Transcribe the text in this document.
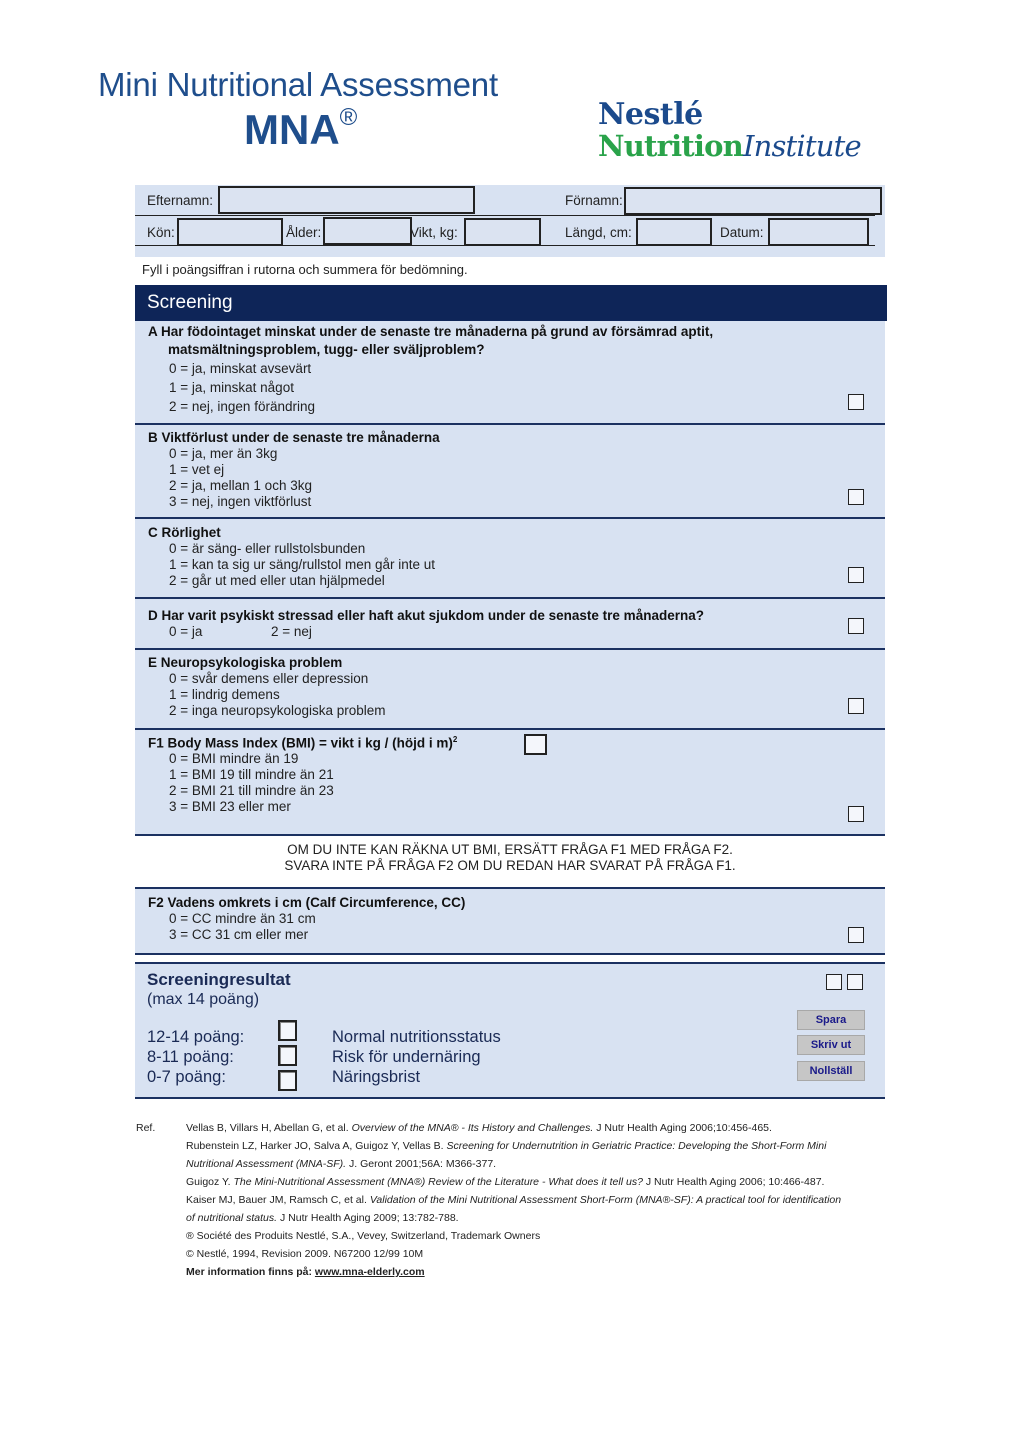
Mini Nutritional Assessment
MNA®	Nestlé
NutritionInstitute
Efternamn:	Förnamn:
Kön:	Ålder:	Vikt, kg:	Längd, cm:	Datum:
Fyll i poängsiffran i rutorna och summera för bedömning.
Screening
A Har födointaget minskat under de senaste tre månaderna på grund av försämrad aptit,
matsmältningsproblem, tugg- eller sväljproblem?
0 = ja, minskat avsevärt
1 = ja, minskat något
2 = nej, ingen förändring
B Viktförlust under de senaste tre månaderna
0 = ja, mer än 3kg
1 = vet ej
2 = ja, mellan 1 och 3kg
3 = nej, ingen viktförlust
C Rörlighet
0 = är säng- eller rullstolsbunden
1 = kan ta sig ur säng/rullstol men går inte ut
2 = går ut med eller utan hjälpmedel
D Har varit psykiskt stressad eller haft akut sjukdom under de senaste tre månaderna?
0 = ja	2 = nej
E Neuropsykologiska problem
0 = svår demens eller depression
1 = lindrig demens
2 = inga neuropsykologiska problem
F1 Body Mass Index (BMI) = vikt i kg / (höjd i m)$^2$
0 = BMI mindre än 19
1 = BMI 19 till mindre än 21
2 = BMI 21 till mindre än 23
3 = BMI 23 eller mer
OM DU INTE KAN RÄKNA UT BMI, ERSÄTT FRÅGA F1 MED FRÅGA F2.
SVARA INTE PÅ FRÅGA F2 OM DU REDAN HAR SVARAT PÅ FRÅGA F1.
F2 Vadens omkrets i cm (Calf Circumference, CC)
0 = CC mindre än 31 cm
3 = CC 31 cm eller mer
Screeningresultat
(max 14 poäng)
12-14 poäng:	Normal nutritionsstatus
8-11 poäng:	Risk för undernäring
0-7 poäng:	Näringsbrist
Spara
Skriv ut
Nollställ
Ref.	Vellas B, Villars H, Abellan G, et al. Overview of the MNA® - Its History and Challenges. J Nutr Health Aging 2006;10:456-465.
Rubenstein LZ, Harker JO, Salva A, Guigoz Y, Vellas B. Screening for Undernutrition in Geriatric Practice: Developing the Short-Form Mini
Nutritional Assessment (MNA-SF). J. Geront 2001;56A: M366-377.
Guigoz Y. The Mini-Nutritional Assessment (MNA®) Review of the Literature - What does it tell us? J Nutr Health Aging 2006; 10:466-487.
Kaiser MJ, Bauer JM, Ramsch C, et al. Validation of the Mini Nutritional Assessment Short-Form (MNA®-SF): A practical tool for identification
of nutritional status. J Nutr Health Aging 2009; 13:782-788.
® Société des Produits Nestlé, S.A., Vevey, Switzerland, Trademark Owners
© Nestlé, 1994, Revision 2009. N67200 12/99 10M
Mer information finns på: www.mna-elderly.com
